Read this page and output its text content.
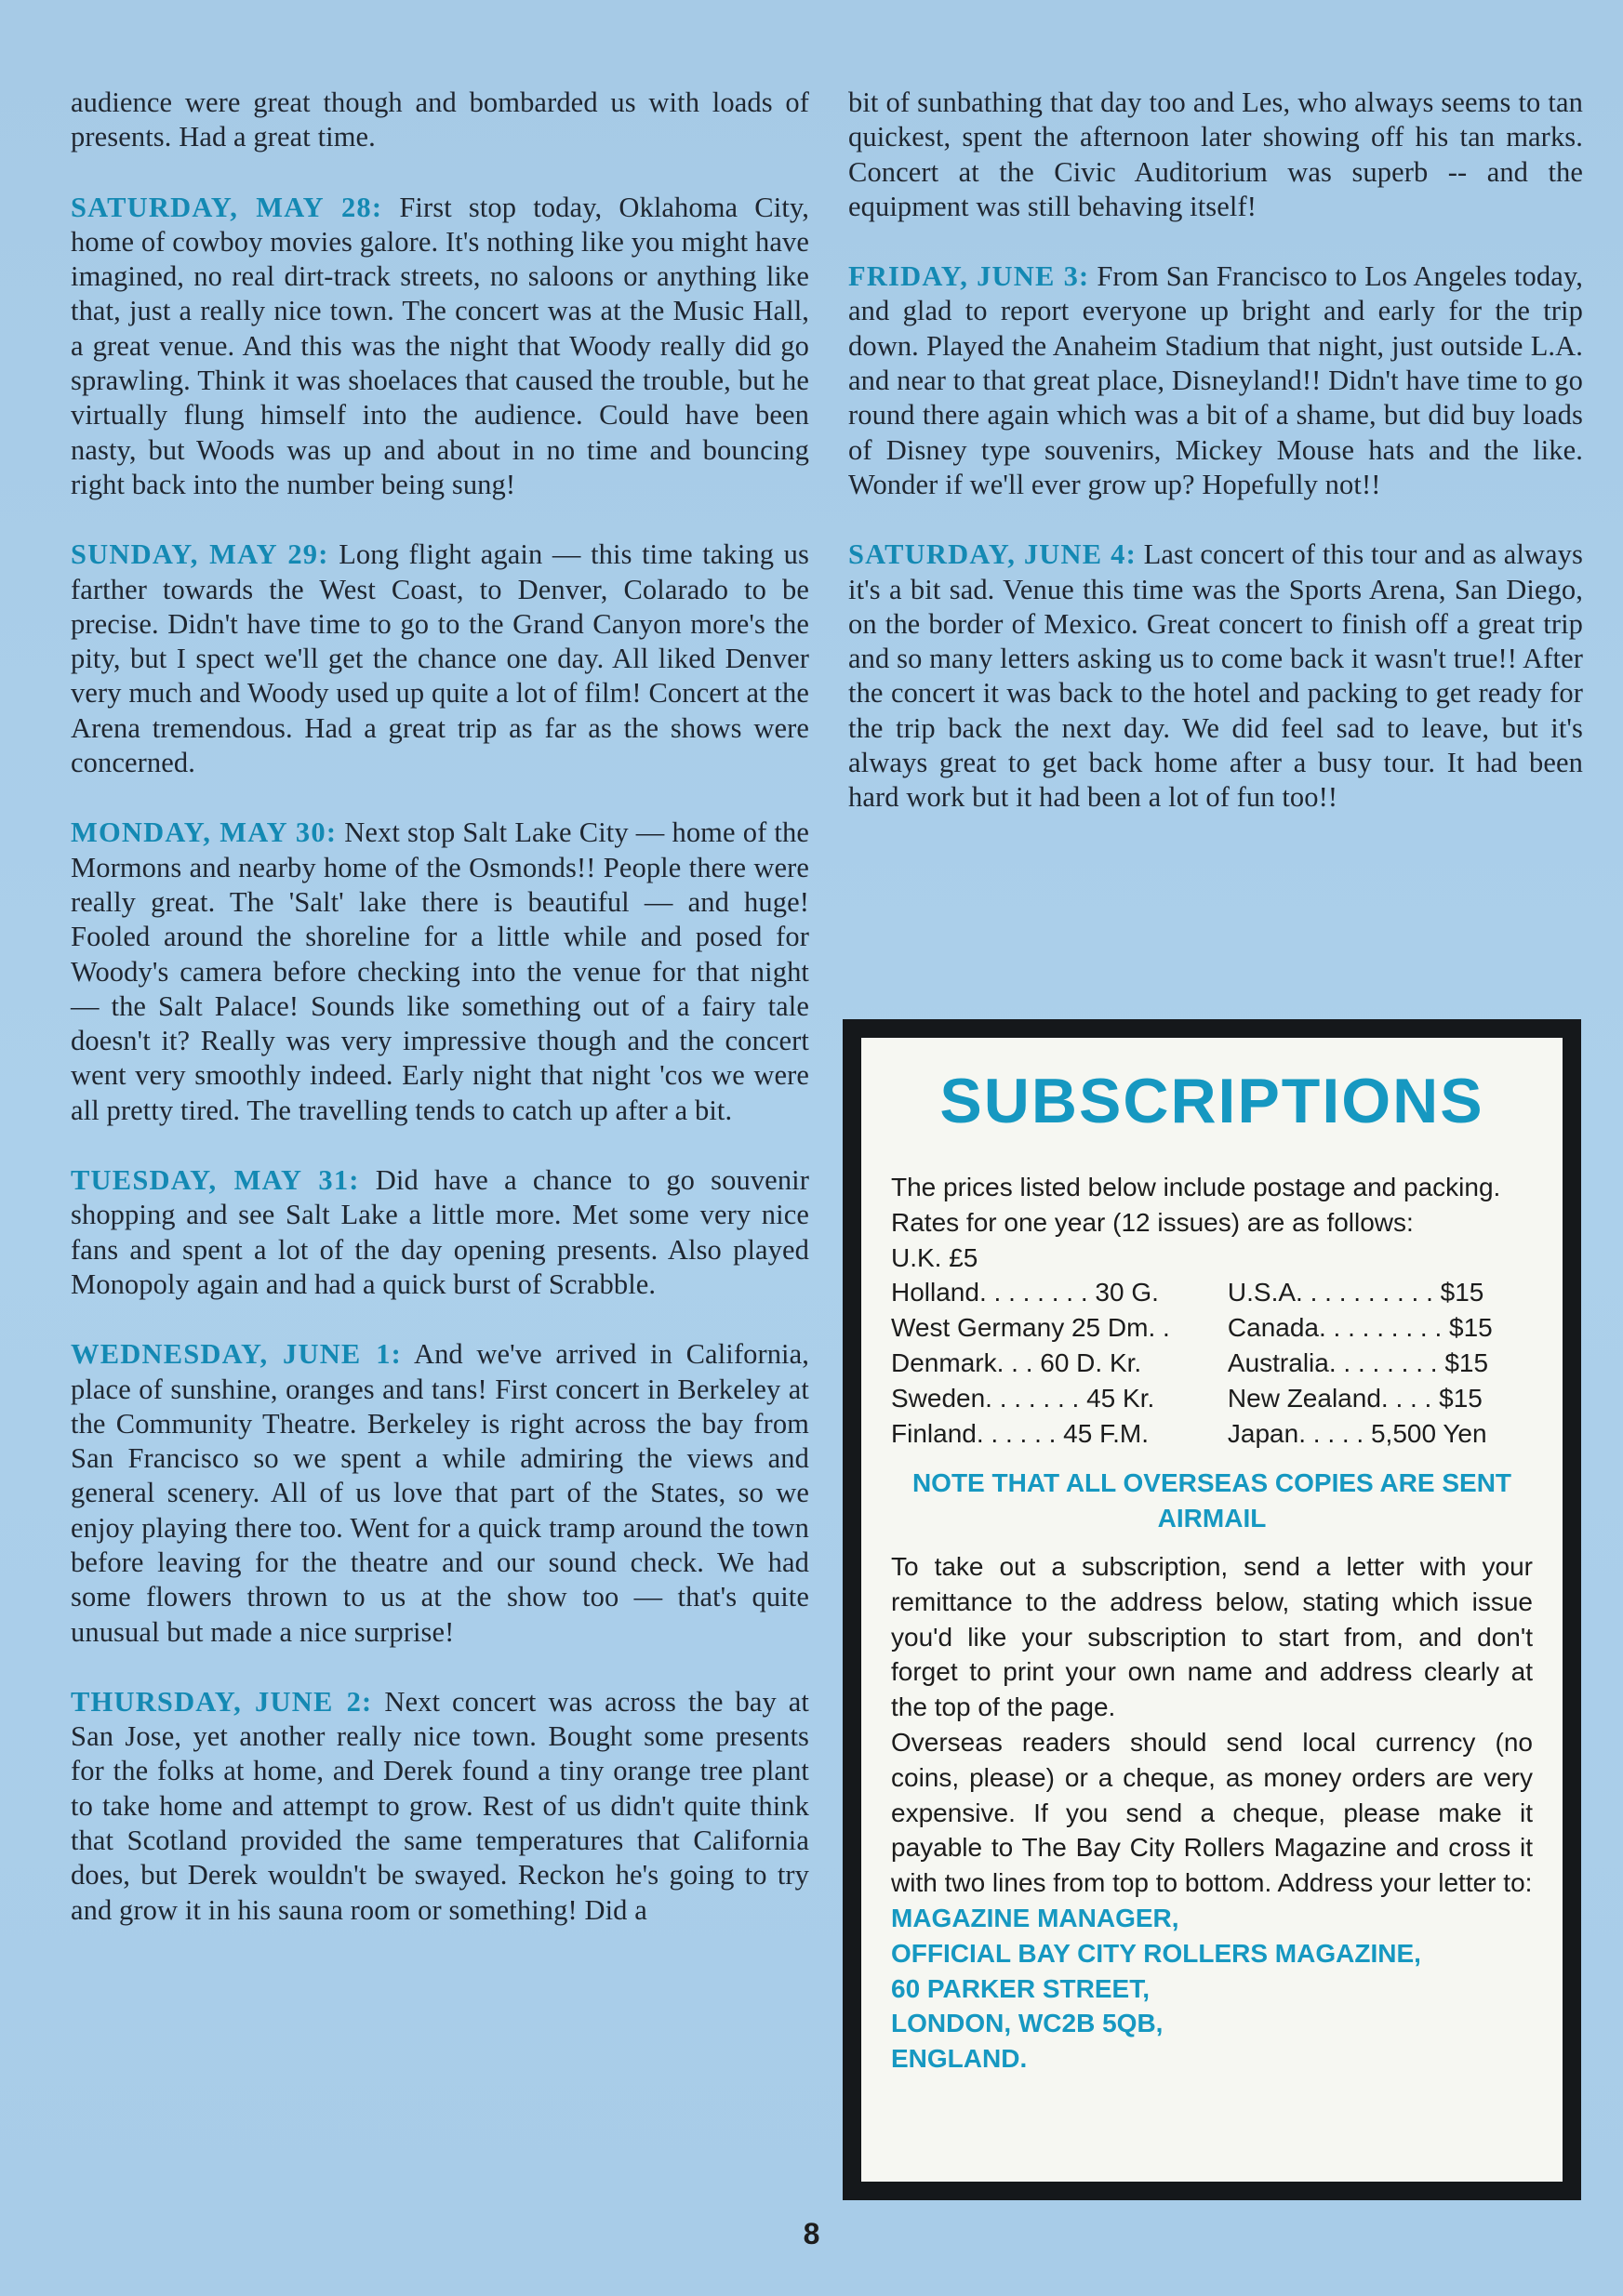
audience were great though and bombarded us with loads of presents. Had a great time.

SATURDAY, MAY 28: First stop today, Oklahoma City, home of cowboy movies galore. It's nothing like you might have imagined, no real dirt-track streets, no saloons or anything like that, just a really nice town. The concert was at the Music Hall, a great venue. And this was the night that Woody really did go sprawling. Think it was shoelaces that caused the trouble, but he virtually flung himself into the audience. Could have been nasty, but Woods was up and about in no time and bouncing right back into the number being sung!

SUNDAY, MAY 29: Long flight again — this time taking us farther towards the West Coast, to Denver, Colarado to be precise. Didn't have time to go to the Grand Canyon more's the pity, but I spect we'll get the chance one day. All liked Denver very much and Woody used up quite a lot of film! Concert at the Arena tremendous. Had a great trip as far as the shows were concerned.

MONDAY, MAY 30: Next stop Salt Lake City — home of the Mormons and nearby home of the Osmonds!! People there were really great. The 'Salt' lake there is beautiful — and huge! Fooled around the shoreline for a little while and posed for Woody's camera before checking into the venue for that night — the Salt Palace! Sounds like something out of a fairy tale doesn't it? Really was very impressive though and the concert went very smoothly indeed. Early night that night 'cos we were all pretty tired. The travelling tends to catch up after a bit.

TUESDAY, MAY 31: Did have a chance to go souvenir shopping and see Salt Lake a little more. Met some very nice fans and spent a lot of the day opening presents. Also played Monopoly again and had a quick burst of Scrabble.

WEDNESDAY, JUNE 1: And we've arrived in California, place of sunshine, oranges and tans! First concert in Berkeley at the Community Theatre. Berkeley is right across the bay from San Francisco so we spent a while admiring the views and general scenery. All of us love that part of the States, so we enjoy playing there too. Went for a quick tramp around the town before leaving for the theatre and our sound check. We had some flowers thrown to us at the show too — that's quite unusual but made a nice surprise!

THURSDAY, JUNE 2: Next concert was across the bay at San Jose, yet another really nice town. Bought some presents for the folks at home, and Derek found a tiny orange tree plant to take home and attempt to grow. Rest of us didn't quite think that Scotland provided the same temperatures that California does, but Derek wouldn't be swayed. Reckon he's going to try and grow it in his sauna room or something! Did a

bit of sunbathing that day too and Les, who always seems to tan quickest, spent the afternoon later showing off his tan marks. Concert at the Civic Auditorium was superb -- and the equipment was still behaving itself!

FRIDAY, JUNE 3: From San Francisco to Los Angeles today, and glad to report everyone up bright and early for the trip down. Played the Anaheim Stadium that night, just outside L.A. and near to that great place, Disneyland!! Didn't have time to go round there again which was a bit of a shame, but did buy loads of Disney type souvenirs, Mickey Mouse hats and the like. Wonder if we'll ever grow up? Hopefully not!!

SATURDAY, JUNE 4: Last concert of this tour and as always it's a bit sad. Venue this time was the Sports Arena, San Diego, on the border of Mexico. Great concert to finish off a great trip and so many letters asking us to come back it wasn't true!! After the concert it was back to the hotel and packing to get ready for the trip back the next day. We did feel sad to leave, but it's always great to get back home after a busy tour. It had been hard work but it had been a lot of fun too!!

SUBSCRIPTIONS

The prices listed below include postage and packing.

Rates for one year (12 issues) are as follows:

U.K. £5

Holland. . . . . . . . 30 G.	U.S.A. . . . . . . . . . $15
West Germany 25 Dm. .	Canada. . . . . . . . . $15
Denmark. . . 60 D. Kr.	Australia. . . . . . . . $15
Sweden. . . . . . . 45 Kr.	New Zealand. . . . $15
Finland. . . . . . 45 F.M.	Japan. . . . . 5,500 Yen

NOTE THAT ALL OVERSEAS COPIES ARE SENT AIRMAIL

To take out a subscription, send a letter with your remittance to the address below, stating which issue you'd like your subscription to start from, and don't forget to print your own name and address clearly at the top of the page.

Overseas readers should send local currency (no coins, please) or a cheque, as money orders are very expensive. If you send a cheque, please make it payable to The Bay City Rollers Magazine and cross it with two lines from top to bottom. Address your letter to:

MAGAZINE MANAGER,
OFFICIAL BAY CITY ROLLERS MAGAZINE,
60 PARKER STREET,
LONDON, WC2B 5QB,
ENGLAND.
8
